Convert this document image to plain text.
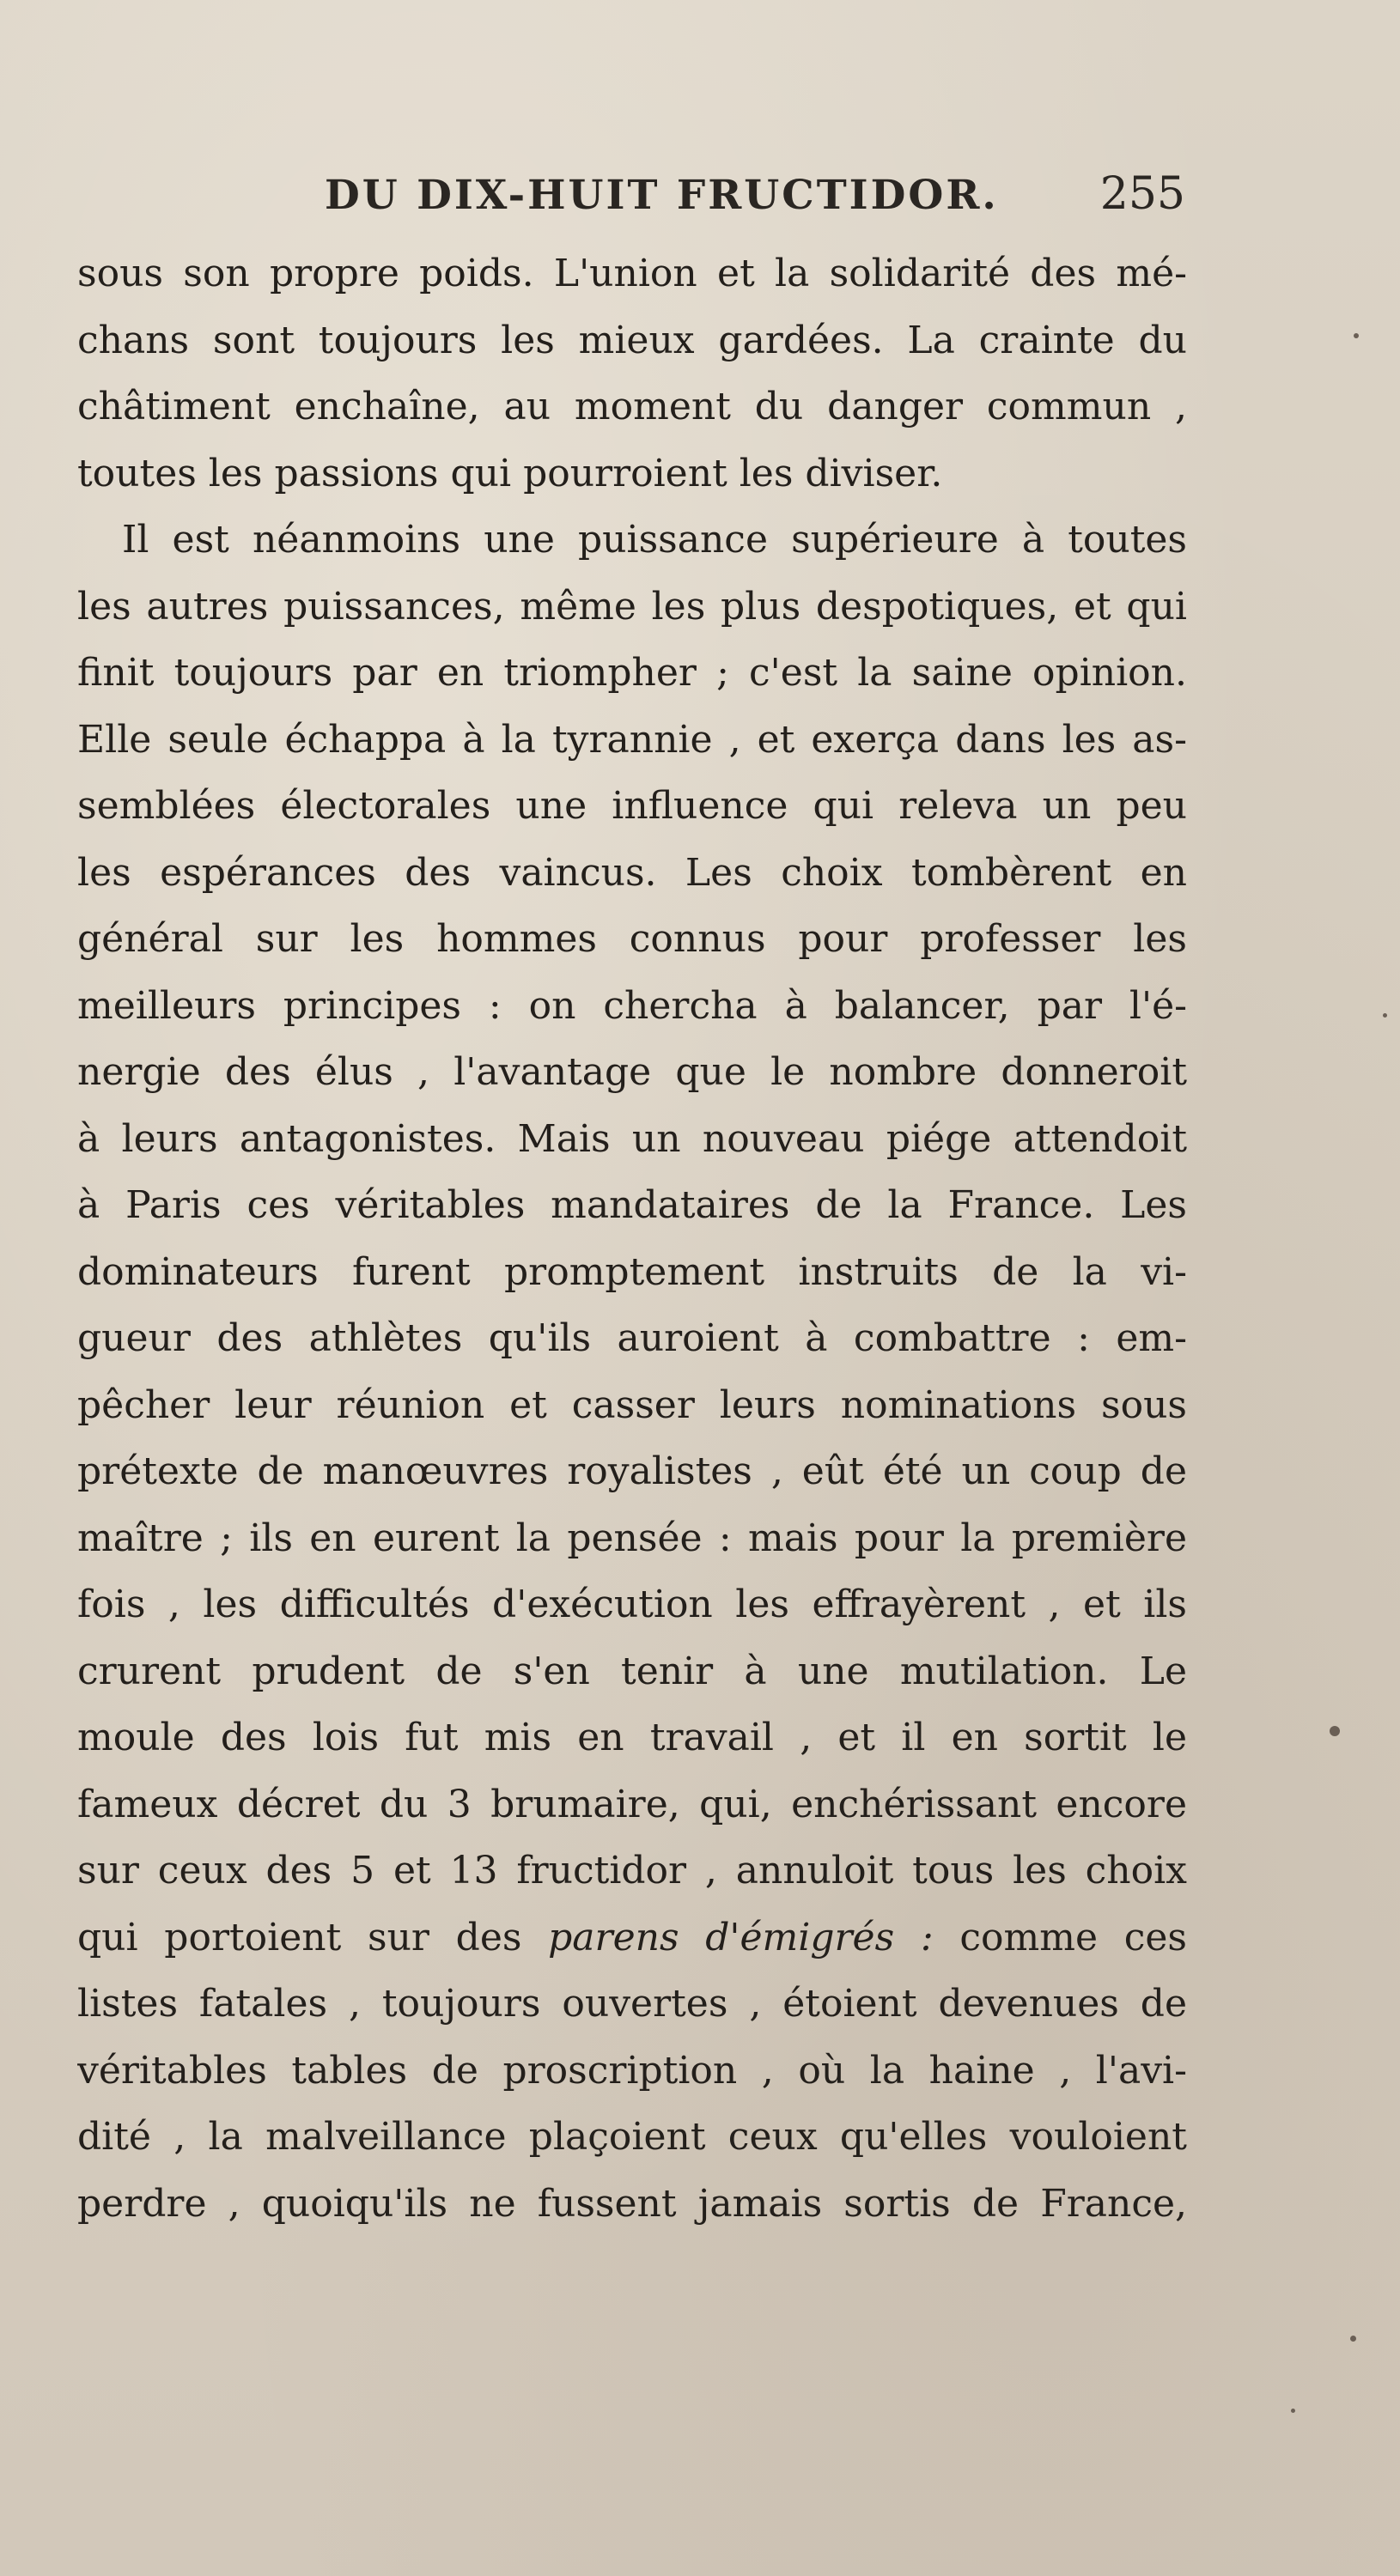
DU DIX-HUIT FRUCTIDOR. 255
sous son propre poids. L'union et la solidarité des mé-
chans sont toujours les mieux gardées. La crainte du
châtiment enchaîne, au moment du danger commun ,
toutes les passions qui pourroient les diviser.
Il est néanmoins une puissance supérieure à toutes
les autres puissances, même les plus despotiques, et qui
finit toujours par en triompher ; c'est la saine opinion.
Elle seule échappa à la tyrannie , et exerça dans les as-
semblées électorales une influence qui releva un peu
les espérances des vaincus. Les choix tombèrent en
général sur les hommes connus pour professer les
meilleurs principes : on chercha à balancer, par l'é-
nergie des élus , l'avantage que le nombre donneroit
à leurs antagonistes. Mais un nouveau piége attendoit
à Paris ces véritables mandataires de la France. Les
dominateurs furent promptement instruits de la vi-
gueur des athlètes qu'ils auroient à combattre : em-
pêcher leur réunion et casser leurs nominations sous
prétexte de manœuvres royalistes , eût été un coup de
maître ; ils en eurent la pensée : mais pour la première
fois , les difficultés d'exécution les effrayèrent , et ils
crurent prudent de s'en tenir à une mutilation. Le
moule des lois fut mis en travail , et il en sortit le
fameux décret du 3 brumaire, qui, enchérissant encore
sur ceux des 5 et 13 fructidor , annuloit tous les choix
qui portoient sur des parens d'émigrés : comme ces
listes fatales , toujours ouvertes , étoient devenues de
véritables tables de proscription , où la haine , l'avi-
dité , la malveillance plaçoient ceux qu'elles vouloient
perdre , quoiqu'ils ne fussent jamais sortis de France,
